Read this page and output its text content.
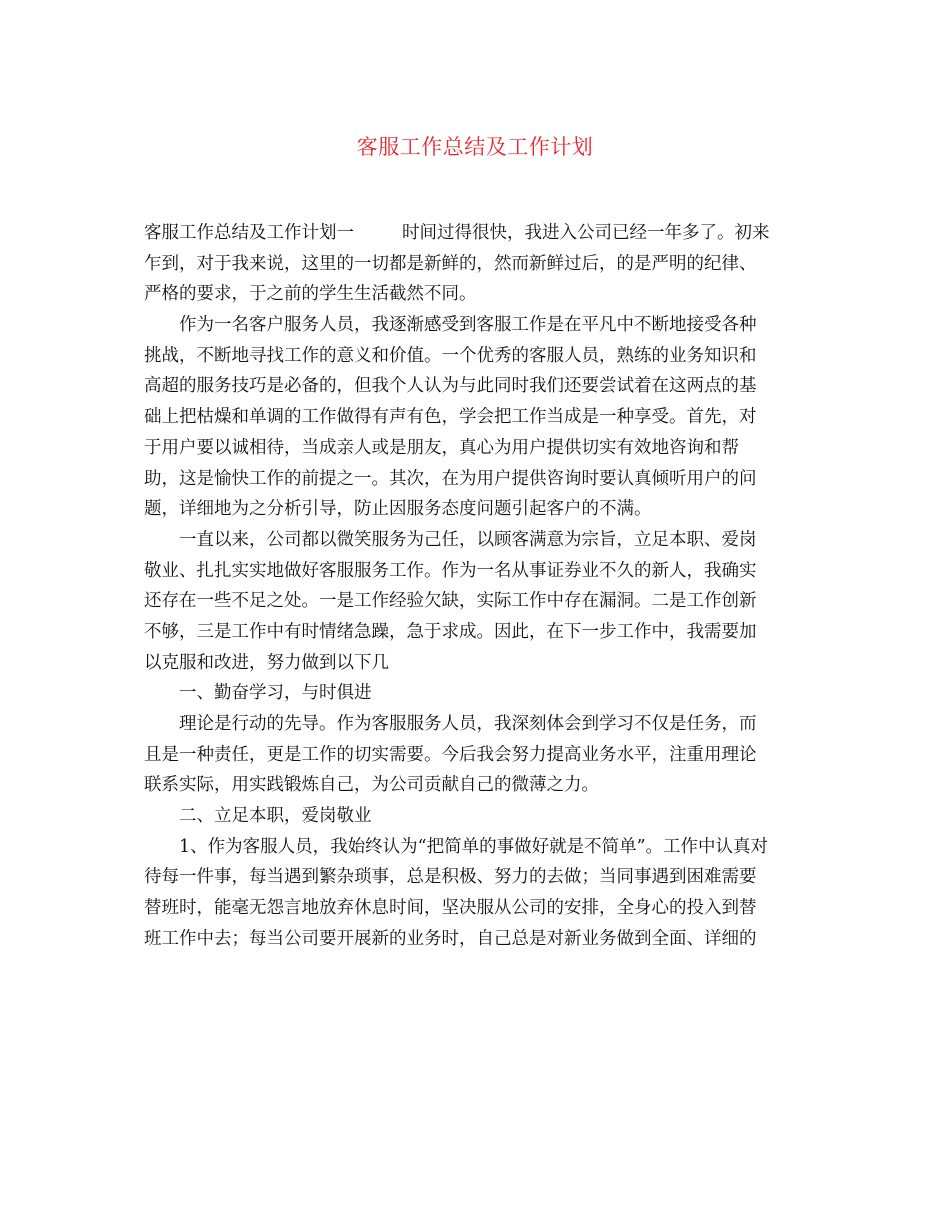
客服工作总结及工作计划
客服工作总结及工作计划一	时间过得很快，我进入公司已经一年多了。初来
乍到，对于我来说，这里的一切都是新鲜的，然而新鲜过后，的是严明的纪律、
严格的要求，于之前的学生生活截然不同。
　　作为一名客户服务人员，我逐渐感受到客服工作是在平凡中不断地接受各种
挑战，不断地寻找工作的意义和价值。一个优秀的客服人员，熟练的业务知识和
高超的服务技巧是必备的，但我个人认为与此同时我们还要尝试着在这两点的基
础上把枯燥和单调的工作做得有声有色，学会把工作当成是一种享受。首先，对
于用户要以诚相待，当成亲人或是朋友，真心为用户提供切实有效地咨询和帮
助，这是愉快工作的前提之一。其次，在为用户提供咨询时要认真倾听用户的问
题，详细地为之分析引导，防止因服务态度问题引起客户的不满。
　　一直以来，公司都以微笑服务为己任，以顾客满意为宗旨，立足本职、爱岗
敬业、扎扎实实地做好客服服务工作。作为一名从事证券业不久的新人，我确实
还存在一些不足之处。一是工作经验欠缺，实际工作中存在漏洞。二是工作创新
不够，三是工作中有时情绪急躁，急于求成。因此，在下一步工作中，我需要加
以克服和改进，努力做到以下几
　　一、勤奋学习，与时俱进
　　理论是行动的先导。作为客服服务人员，我深刻体会到学习不仅是任务，而
且是一种责任，更是工作的切实需要。今后我会努力提高业务水平，注重用理论
联系实际，用实践锻炼自己，为公司贡献自己的微薄之力。
　　二、立足本职，爱岗敬业
　　1、作为客服人员，我始终认为“把简单的事做好就是不简单”。工作中认真对
待每一件事，每当遇到繁杂琐事，总是积极、努力的去做；当同事遇到困难需要
替班时，能毫无怨言地放弃休息时间，坚决服从公司的安排，全身心的投入到替
班工作中去；每当公司要开展新的业务时，自己总是对新业务做到全面、详细的
